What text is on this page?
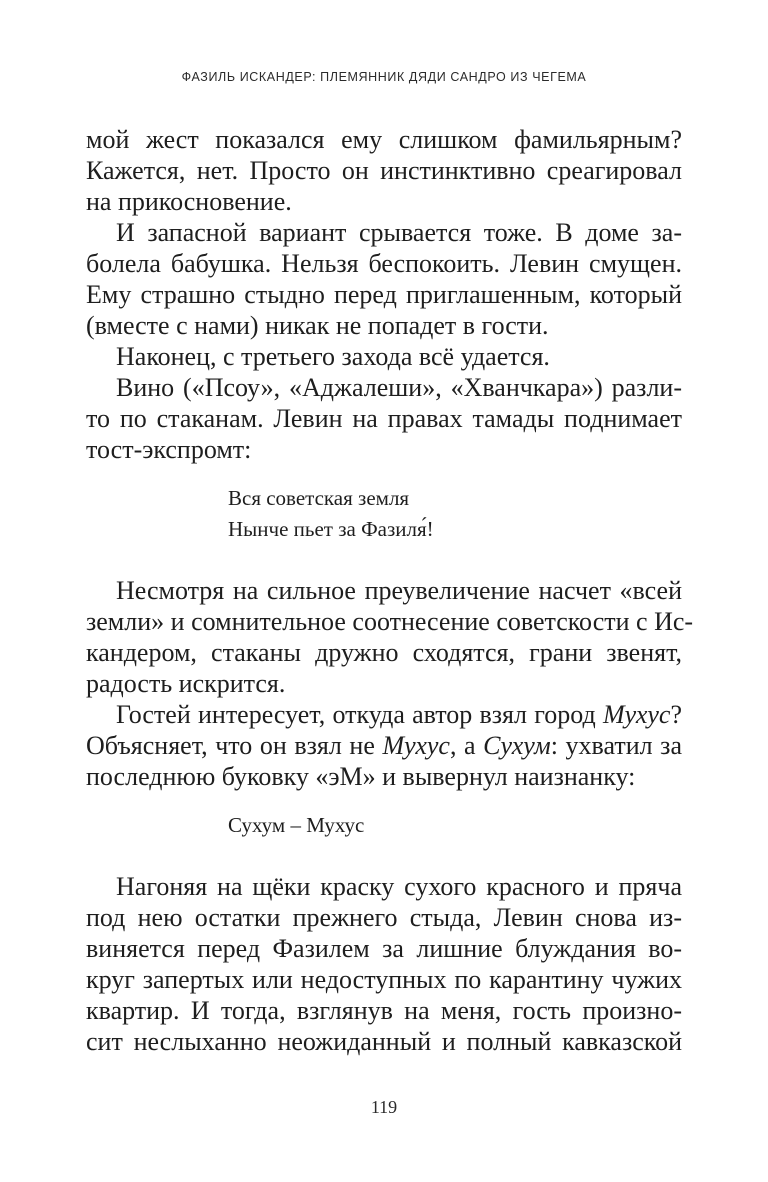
ФАЗИЛЬ ИСКАНДЕР: ПЛЕМЯННИК ДЯДИ САНДРО ИЗ ЧЕГЕМА
мой жест показался ему слишком фамильярным?
Кажется, нет. Просто он инстинктивно среагировал
на прикосновение.
И запасной вариант срывается тоже. В доме за-
болела бабушка. Нельзя беспокоить. Левин смущен.
Ему страшно стыдно перед приглашенным, который
(вместе с нами) никак не попадет в гости.
Наконец, с третьего захода всё удается.
Вино («Псоу», «Аджалеши», «Хванчкара») разли-
то по стаканам. Левин на правах тамады поднимает
тост-экспромт:
Вся советская земля
Нынче пьет за Фазиля́!
Несмотря на сильное преувеличение насчет «всей
земли» и сомнительное соотнесение советскости с Ис-
кандером, стаканы дружно сходятся, грани звенят,
радость искрится.
Гостей интересует, откуда автор взял город Мухус?
Объясняет, что он взял не Мухус, а Сухум: ухватил за
последнюю буковку «эМ» и вывернул наизнанку:
Сухум – Мухус
Нагоняя на щёки краску сухого красного и пряча
под нею остатки прежнего стыда, Левин снова из-
виняется перед Фазилем за лишние блуждания во-
круг запертых или недоступных по карантину чужих
квартир. И тогда, взглянув на меня, гость произно-
сит неслыханно неожиданный и полный кавказской
119
